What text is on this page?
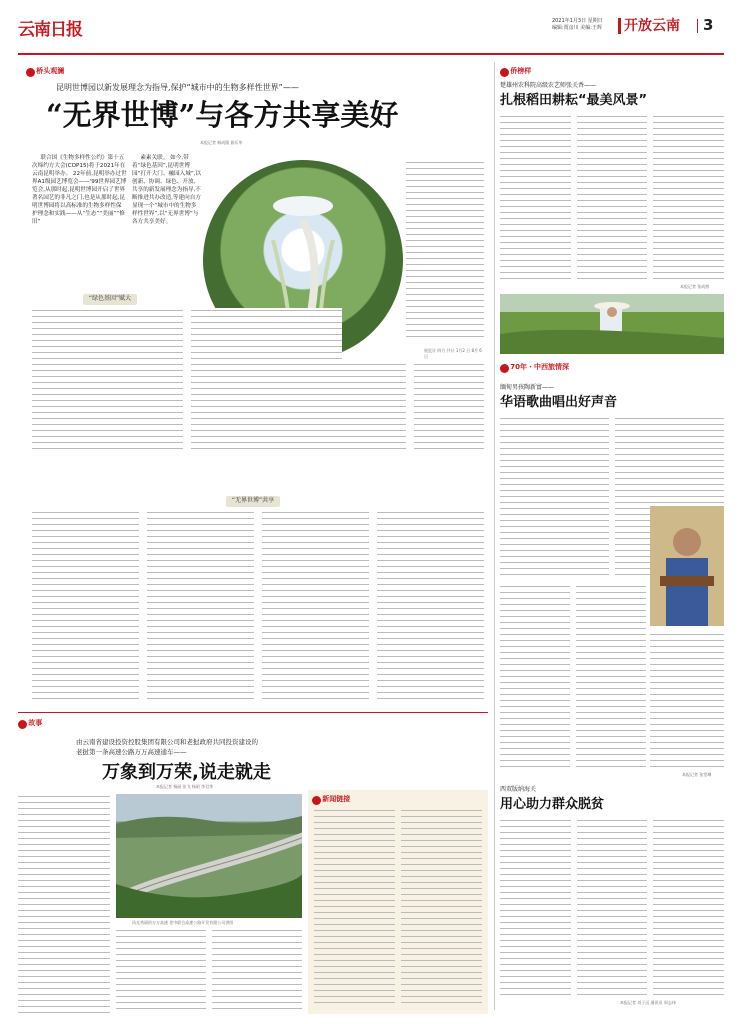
云南日报	2021年1月3日 星期日
编辑:贾彦川 美编:王辉	开放云南 3
桥头观澜
昆明世博园以新发展理念为指导,保护“城市中的生物多样性世界”——
“无界世博”与各方共享美好
本报记者 韩成圆 娟乐华

联合国《生物多样性公约》第十五次缔约方大会(COP15)将于2021年在云南昆明举办。 22年前,昆明举办过世界A1级园艺博览会——'99世界园艺博览会,从那时起,昆明世博园开启了世界著名园艺的非凡之门,也是从那时起,昆明世博园将以高标准的生物多样性保护理念和实践——从“生态”“美丽”“修旧”

素素关联。 如今,带着“绿色基因”,昆明世博园“打开大门、融园入城”,以创新、协调、绿色、开放、共享的新发展理念为指导,不断推进共办改造,等建向自方显现一个“城市中的生物多样性世界”,以“无界世博”与各方共享美好。

展览计 四月 共计 1月2 日 8月 6日
“绿色基因”赋大
“无界世博”共享
侨榜样
楚雄州农科院高级农艺师张关香——
扎根稻田耕耘“最美风景”
本报记者 张成茜
70年・中西旅情深
缅甸男孩陶新富——
华语歌曲唱出好声音
本报记者 张堂琳
西双版纳海关
用心助力群众脱贫
本报记者 刘子远 通讯员 周志伟
故事
由云南省建设投资控股集团有限公司和老挝政府共同投资建设的
老挝第一条高速公路万万高速通车——
万象到万荣,说走就走
本报记者 杨丽 张飞 杨昭 李君华
风光秀丽的万万高速 老中联合高速公路开发有限公司供图
新闻链接
